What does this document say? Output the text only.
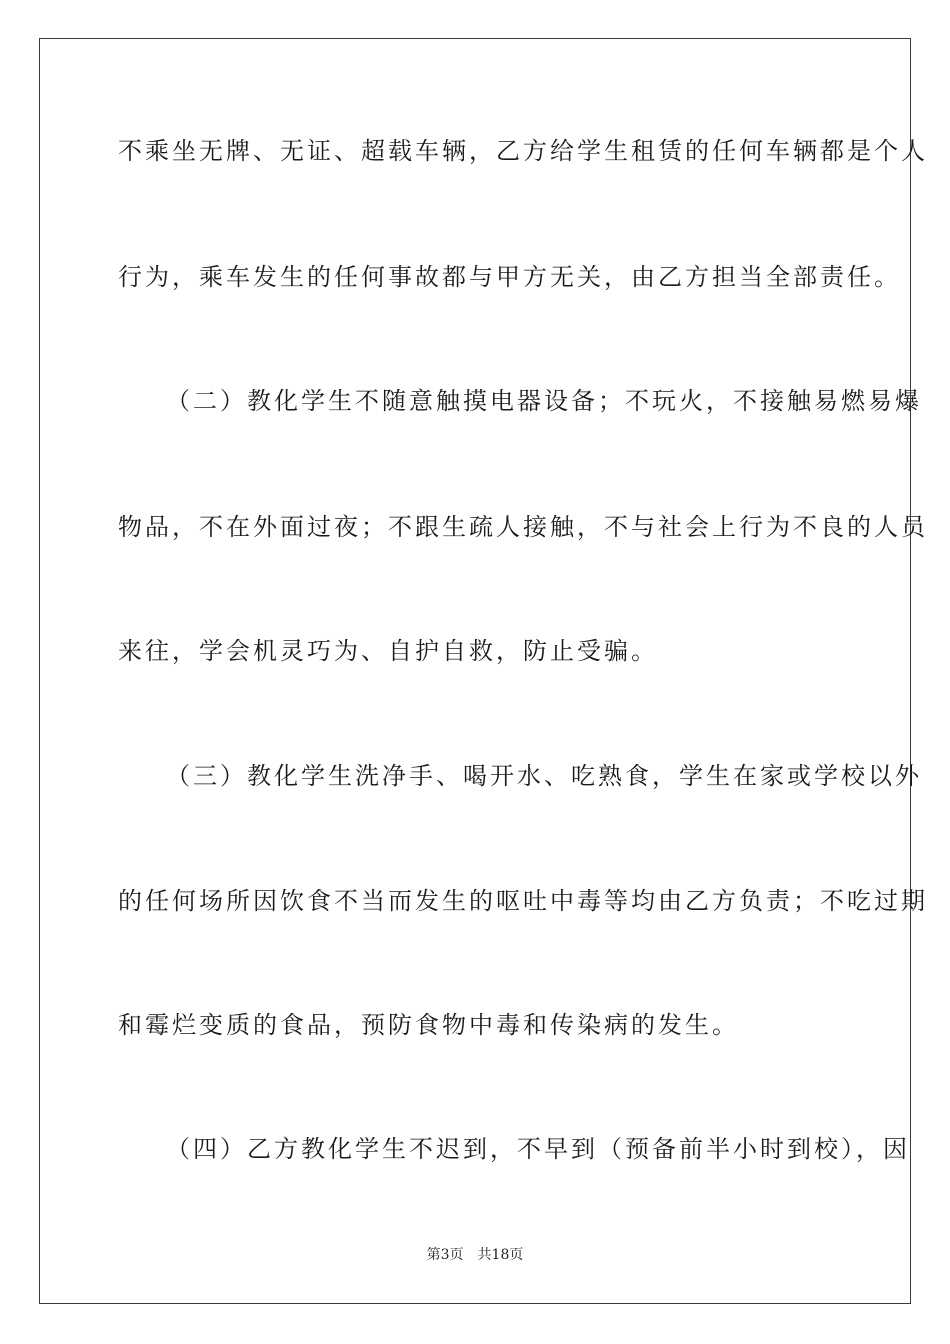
不乘坐无牌、无证、超载车辆，乙方给学生租赁的任何车辆都是个人
行为，乘车发生的任何事故都与甲方无关，由乙方担当全部责任。
（二）教化学生不随意触摸电器设备；不玩火，不接触易燃易爆
物品，不在外面过夜；不跟生疏人接触，不与社会上行为不良的人员
来往，学会机灵巧为、自护自救，防止受骗。
（三）教化学生洗净手、喝开水、吃熟食，学生在家或学校以外
的任何场所因饮食不当而发生的呕吐中毒等均由乙方负责；不吃过期
和霉烂变质的食品，预防食物中毒和传染病的发生。
（四）乙方教化学生不迟到，不早到（预备前半小时到校），因
第3页 共18页
